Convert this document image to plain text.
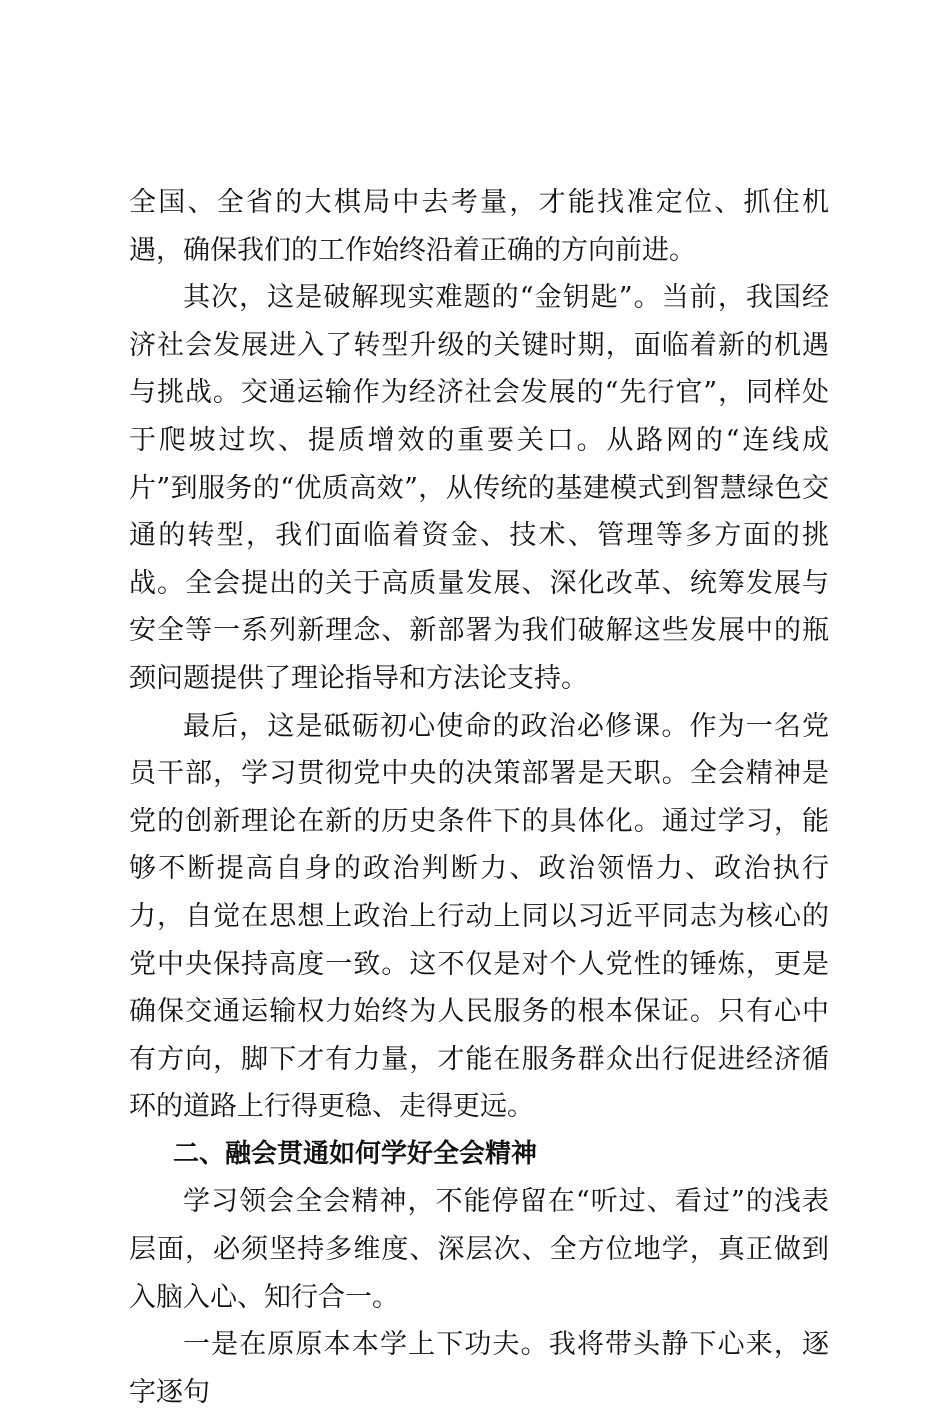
全国、全省的大棋局中去考量，才能找准定位、抓住机遇，确保我们的工作始终沿着正确的方向前进。

其次，这是破解现实难题的“金钥匙”。当前，我国经济社会发展进入了转型升级的关键时期，面临着新的机遇与挑战。交通运输作为经济社会发展的“先行官”，同样处于爬坡过坎、提质增效的重要关口。从路网的“连线成片”到服务的“优质高效”，从传统的基建模式到智慧绿色交通的转型，我们面临着资金、技术、管理等多方面的挑战。全会提出的关于高质量发展、深化改革、统筹发展与安全等一系列新理念、新部署为我们破解这些发展中的瓶颈问题提供了理论指导和方法论支持。

最后，这是砥砺初心使命的政治必修课。作为一名党员干部，学习贯彻党中央的决策部署是天职。全会精神是党的创新理论在新的历史条件下的具体化。通过学习，能够不断提高自身的政治判断力、政治领悟力、政治执行力，自觉在思想上政治上行动上同以习近平同志为核心的党中央保持高度一致。这不仅是对个人党性的锤炼，更是确保交通运输权力始终为人民服务的根本保证。只有心中有方向，脚下才有力量，才能在服务群众出行促进经济循环的道路上行得更稳、走得更远。

二、融会贯通如何学好全会精神

学习领会全会精神，不能停留在“听过、看过”的浅表层面，必须坚持多维度、深层次、全方位地学，真正做到入脑入心、知行合一。

一是在原原本本学上下功夫。我将带头静下心来，逐字逐句
